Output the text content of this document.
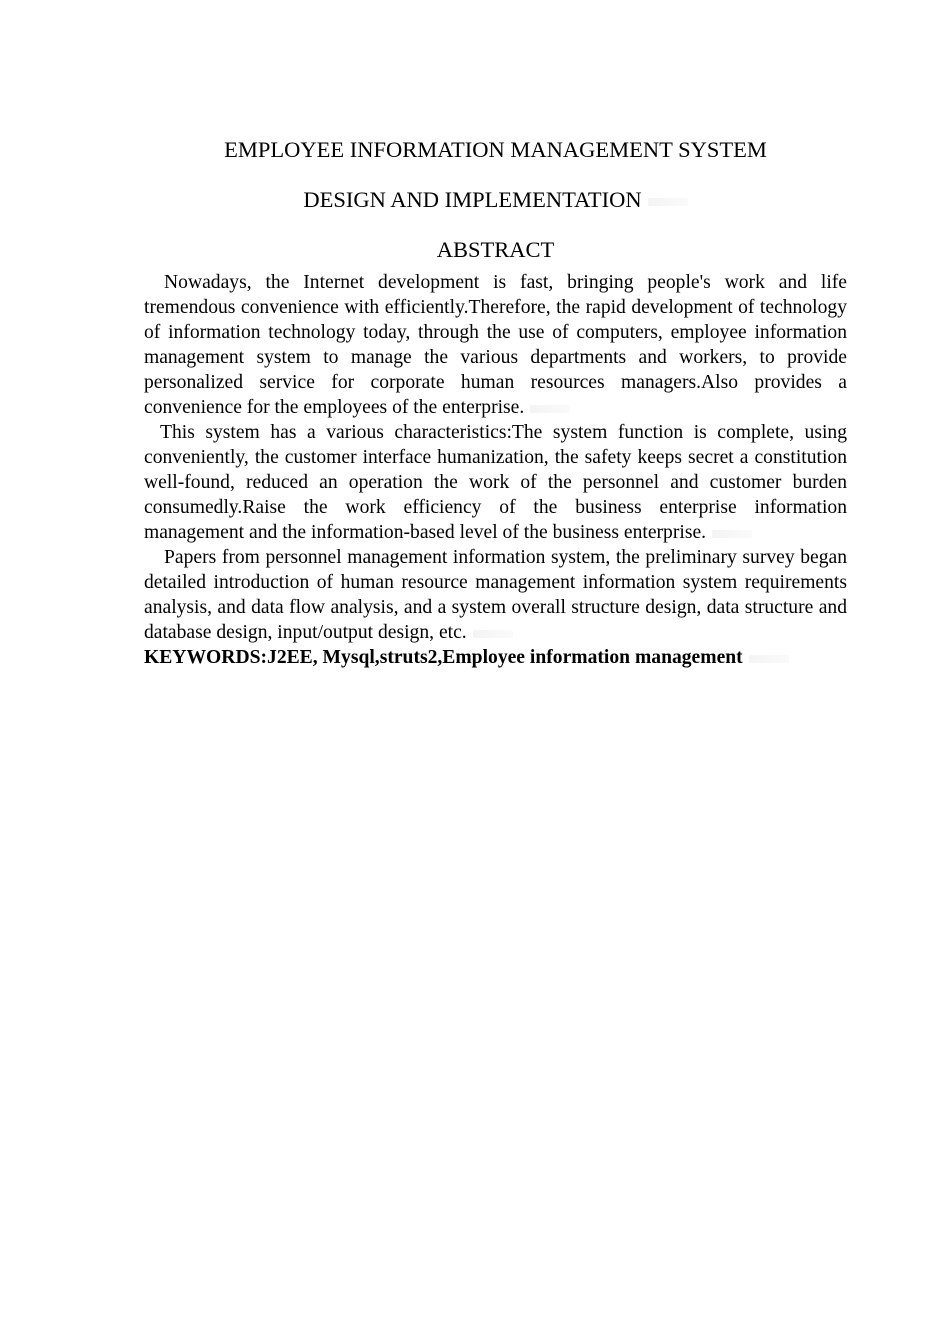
EMPLOYEE INFORMATION MANAGEMENT SYSTEM
DESIGN AND IMPLEMENTATION
ABSTRACT

Nowadays, the Internet development is fast, bringing people's work and life tremendous convenience with efficiently.Therefore, the rapid development of technology of information technology today, through the use of computers, employee information management system to manage the various departments and workers, to provide personalized service for corporate human resources managers.Also provides a convenience for the employees of the enterprise.

This system has a various characteristics:The system function is complete, using conveniently, the customer interface humanization, the safety keeps secret a constitution well-found, reduced an operation the work of the personnel and customer burden consumedly.Raise the work efficiency of the business enterprise information management and the information-based level of the business enterprise.

Papers from personnel management information system, the preliminary survey began detailed introduction of human resource management information system requirements analysis, and data flow analysis, and a system overall structure design, data structure and database design, input/output design, etc.

KEYWORDS:J2EE, Mysql,struts2,Employee information management
